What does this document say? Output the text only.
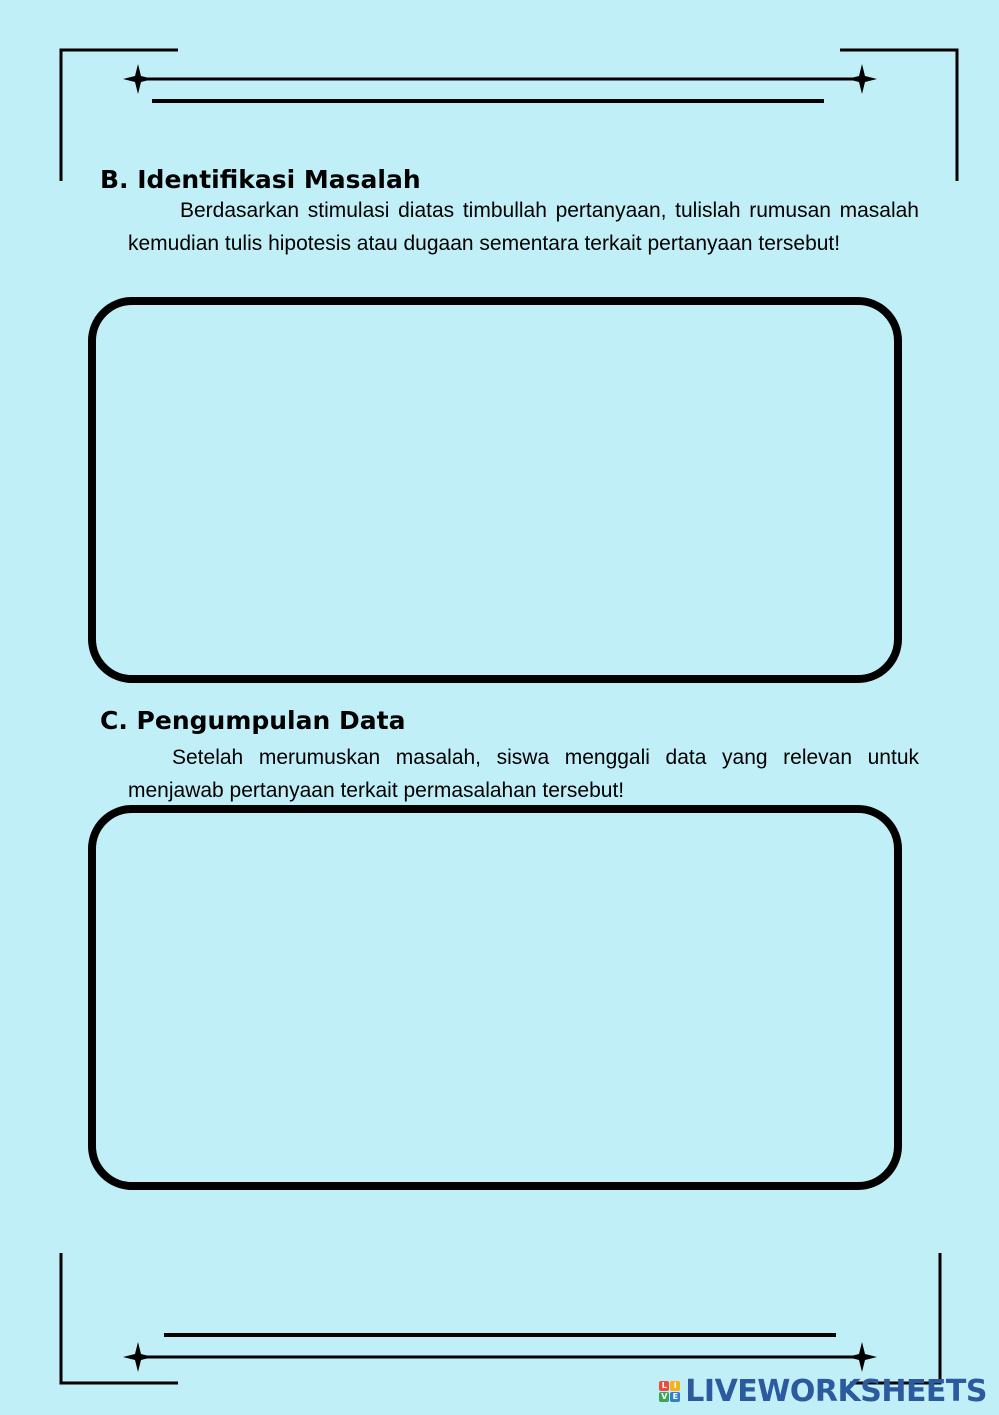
B. Identifikasi Masalah

Berdasarkan stimulasi diatas timbullah pertanyaan, tulislah rumusan masalah kemudian tulis hipotesis atau dugaan sementara terkait pertanyaan tersebut!

C. Pengumpulan Data

Setelah merumuskan masalah, siswa menggali data yang relevan untuk menjawab pertanyaan terkait permasalahan tersebut!

L I
V E LIVEWORKSHEETS
